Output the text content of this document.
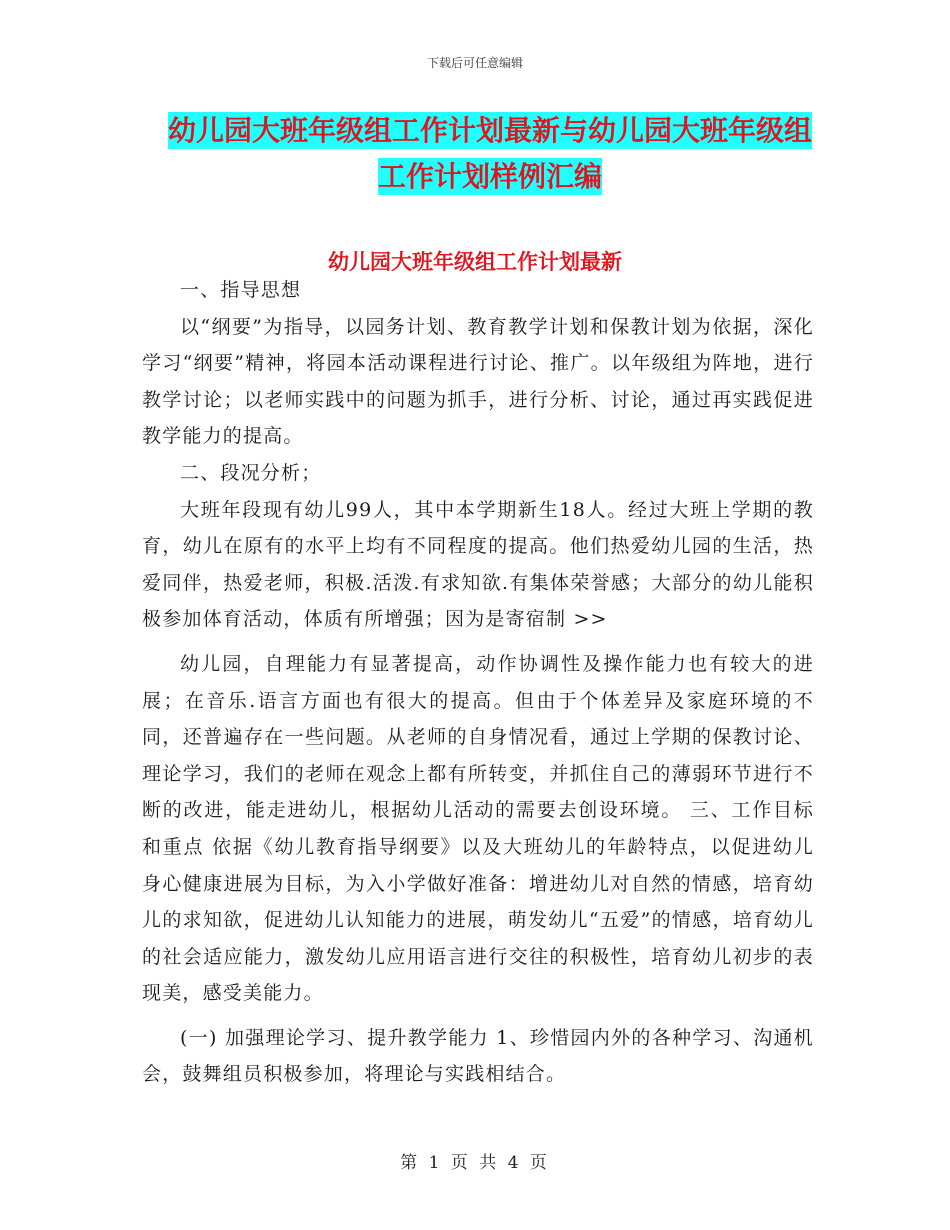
下载后可任意编辑
幼儿园大班年级组工作计划最新与幼儿园大班年级组
工作计划样例汇编
幼儿园大班年级组工作计划最新

一、指导思想

以“纲要”为指导，以园务计划、教育教学计划和保教计划为依据，深化学习“纲要”精神，将园本活动课程进行讨论、推广。以年级组为阵地，进行教学讨论；以老师实践中的问题为抓手，进行分析、讨论，通过再实践促进教学能力的提高。

二、段况分析；

大班年段现有幼儿99人，其中本学期新生18人。经过大班上学期的教育，幼儿在原有的水平上均有不同程度的提高。他们热爱幼儿园的生活，热爱同伴，热爱老师，积极.活泼.有求知欲.有集体荣誉感；大部分的幼儿能积极参加体育活动，体质有所增强；因为是寄宿制 >>

幼儿园，自理能力有显著提高，动作协调性及操作能力也有较大的进展；在音乐.语言方面也有很大的提高。但由于个体差异及家庭环境的不同，还普遍存在一些问题。从老师的自身情况看，通过上学期的保教讨论、理论学习，我们的老师在观念上都有所转变，并抓住自己的薄弱环节进行不断的改进，能走进幼儿，根据幼儿活动的需要去创设环境。 三、工作目标和重点 依据《幼儿教育指导纲要》以及大班幼儿的年龄特点，以促进幼儿身心健康进展为目标，为入小学做好准备：增进幼儿对自然的情感，培育幼儿的求知欲，促进幼儿认知能力的进展，萌发幼儿“五爱”的情感，培育幼儿的社会适应能力，激发幼儿应用语言进行交往的积极性，培育幼儿初步的表现美，感受美能力。

(一) 加强理论学习、提升教学能力 1、珍惜园内外的各种学习、沟通机会，鼓舞组员积极参加，将理论与实践相结合。

第 1 页 共 4 页
